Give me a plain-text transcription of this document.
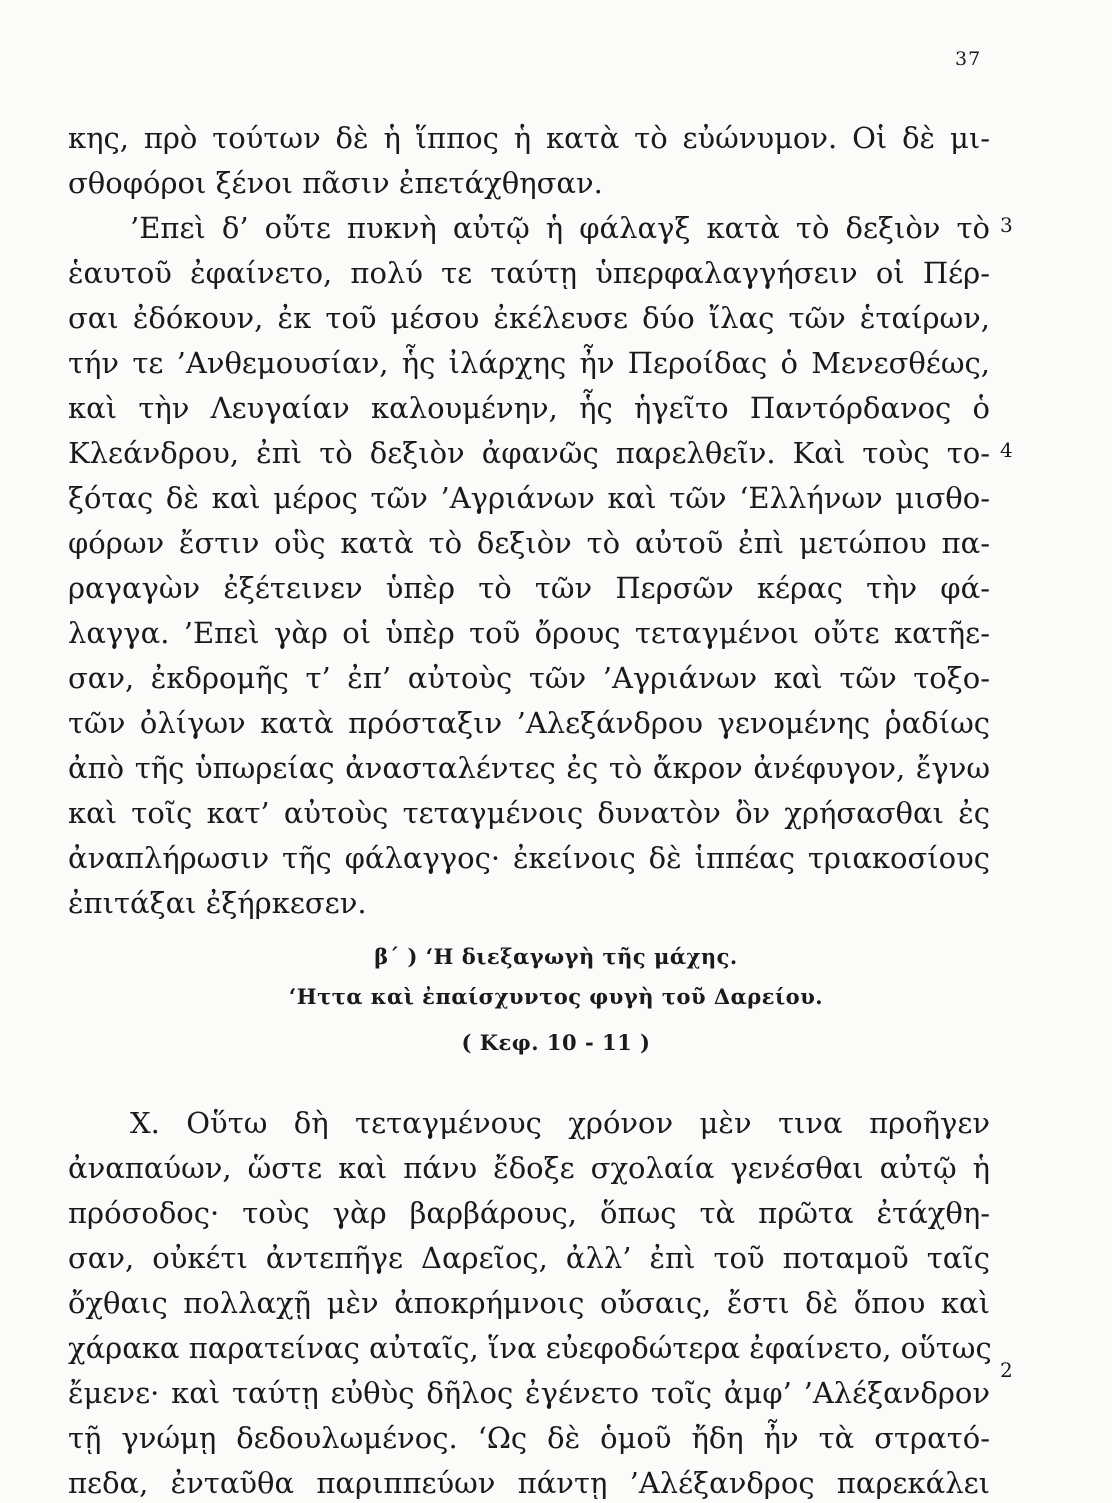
37
κης, πρὸ τούτων δὲ ἡ ἵππος ἡ κατὰ τὸ εὐώνυμον. Οἱ δὲ μι-
σθοφόροι ξένοι πᾶσιν ἐπετάχθησαν.
’Επεὶ δ’ οὔτε πυκνὴ αὐτῷ ἡ φάλαγξ κατὰ τὸ δεξιὸν τὸ
ἑαυτοῦ ἐφαίνετο, πολύ τε ταύτῃ ὑπερφαλαγγήσειν οἱ Πέρ-
σαι ἐδόκουν, ἐκ τοῦ μέσου ἐκέλευσε δύο ἴλας τῶν ἑταίρων,
τήν τε ’Ανθεμουσίαν, ἧς ἰλάρχης ἦν Περοίδας ὁ Μενεσθέως,
καὶ τὴν Λευγαίαν καλουμένην, ἧς ἡγεῖτο Παντόρδανος ὁ
Κλεάνδρου, ἐπὶ τὸ δεξιὸν ἀφανῶς παρελθεῖν. Καὶ τοὺς το-
ξότας δὲ καὶ μέρος τῶν ’Αγριάνων καὶ τῶν ‘Ελλήνων μισθο-
φόρων ἔστιν οὓς κατὰ τὸ δεξιὸν τὸ αὐτοῦ ἐπὶ μετώπου πα-
ραγαγὼν ἐξέτεινεν ὑπὲρ τὸ τῶν Περσῶν κέρας τὴν φά-
λαγγα. ’Επεὶ γὰρ οἱ ὑπὲρ τοῦ ὄρους τεταγμένοι οὔτε κατῆε-
σαν, ἐκδρομῆς τ’ ἐπ’ αὐτοὺς τῶν ’Αγριάνων καὶ τῶν τοξο-
τῶν ὀλίγων κατὰ πρόσταξιν ’Αλεξάνδρου γενομένης ῥαδίως
ἀπὸ τῆς ὑπωρείας ἀνασταλέντες ἐς τὸ ἄκρον ἀνέφυγον, ἔγνω
καὶ τοῖς κατ’ αὐτοὺς τεταγμένοις δυνατὸν ὂν χρήσασθαι ἐς
ἀναπλήρωσιν τῆς φάλαγγος· ἐκείνοις δὲ ἱππέας τριακοσίους
ἐπιτάξαι ἐξήρκεσεν.
3
4
2
β΄ ) ‘Η διεξαγωγὴ τῆς μάχης.
‘Ηττα καὶ ἐπαίσχυντος φυγὴ τοῦ Δαρείου.
( Κεφ. 10 - 11 )
X. Οὕτω δὴ τεταγμένους χρόνον μὲν τινα προῆγεν
ἀναπαύων, ὥστε καὶ πάνυ ἔδοξε σχολαία γενέσθαι αὐτῷ ἡ
πρόσοδος· τοὺς γὰρ βαρβάρους, ὅπως τὰ πρῶτα ἐτάχθη-
σαν, οὐκέτι ἀντεπῆγε Δαρεῖος, ἀλλ’ ἐπὶ τοῦ ποταμοῦ ταῖς
ὄχθαις πολλαχῇ μὲν ἀποκρήμνοις οὔσαις, ἔστι δὲ ὅπου καὶ
χάρακα παρατείνας αὐταῖς, ἵνα εὐεφοδώτερα ἐφαίνετο, οὕτως
ἔμενε· καὶ ταύτῃ εὐθὺς δῆλος ἐγένετο τοῖς ἀμφ’ ’Αλέξανδρον
τῇ γνώμῃ δεδουλωμένος. ‘Ως δὲ ὁμοῦ ἤδη ἦν τὰ στρατό-
πεδα, ἐνταῦθα παριππεύων πάντῃ ’Αλέξανδρος παρεκάλει
